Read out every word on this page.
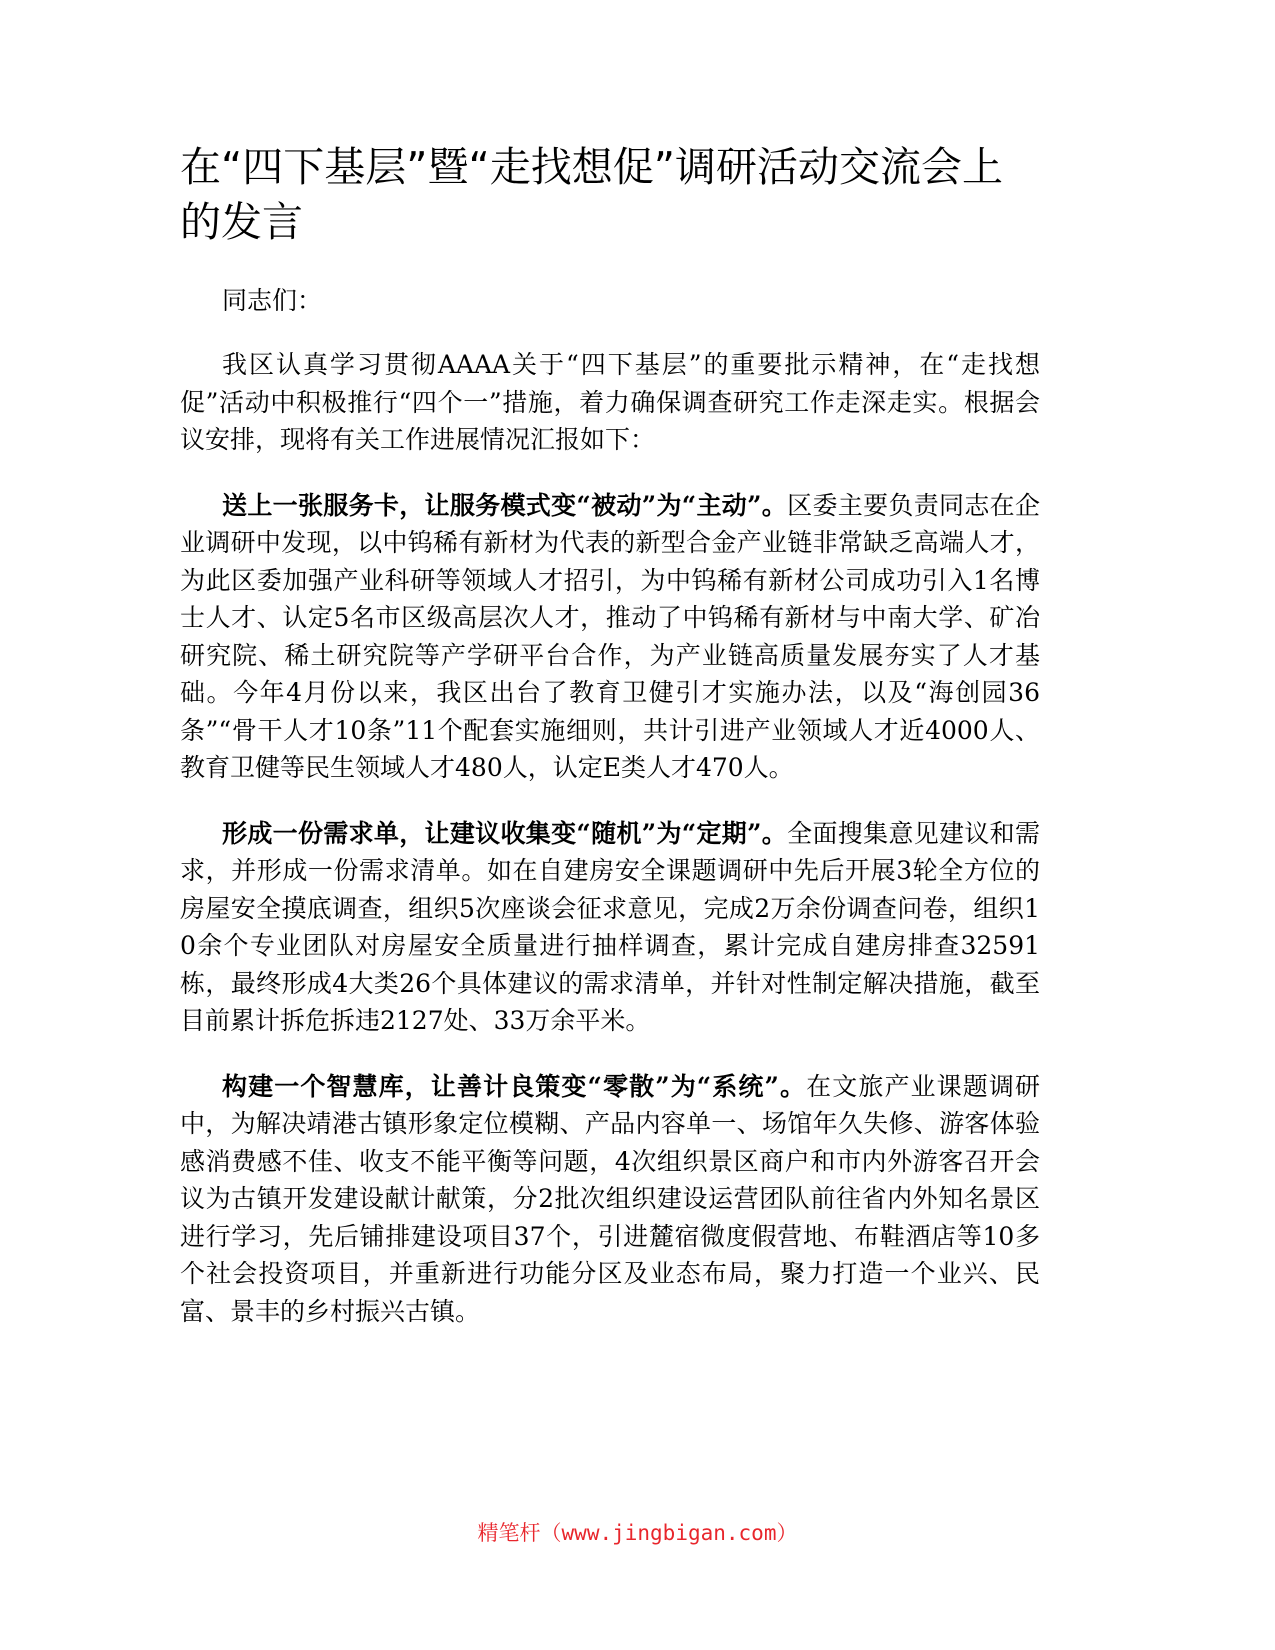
在“四下基层”暨“走找想促”调研活动交流会上的发言
同志们：

我区认真学习贯彻AAAA关于“四下基层”的重要批示精神，在“走找想促”活动中积极推行“四个一”措施，着力确保调查研究工作走深走实。根据会议安排，现将有关工作进展情况汇报如下：

送上一张服务卡，让服务模式变“被动”为“主动”。区委主要负责同志在企业调研中发现，以中钨稀有新材为代表的新型合金产业链非常缺乏高端人才，为此区委加强产业科研等领域人才招引，为中钨稀有新材公司成功引入1名博士人才、认定5名市区级高层次人才，推动了中钨稀有新材与中南大学、矿冶研究院、稀土研究院等产学研平台合作，为产业链高质量发展夯实了人才基础。今年4月份以来，我区出台了教育卫健引才实施办法，以及“海创园36条”“骨干人才10条”11个配套实施细则，共计引进产业领域人才近4000人、教育卫健等民生领域人才480人，认定E类人才470人。

形成一份需求单，让建议收集变“随机”为“定期”。全面搜集意见建议和需求，并形成一份需求清单。如在自建房安全课题调研中先后开展3轮全方位的房屋安全摸底调查，组织5次座谈会征求意见，完成2万余份调查问卷，组织10余个专业团队对房屋安全质量进行抽样调查，累计完成自建房排查32591栋，最终形成4大类26个具体建议的需求清单，并针对性制定解决措施，截至目前累计拆危拆违2127处、33万余平米。

构建一个智慧库，让善计良策变“零散”为“系统”。在文旅产业课题调研中，为解决靖港古镇形象定位模糊、产品内容单一、场馆年久失修、游客体验感消费感不佳、收支不能平衡等问题，4次组织景区商户和市内外游客召开会议为古镇开发建设献计献策，分2批次组织建设运营团队前往省内外知名景区进行学习，先后铺排建设项目37个，引进麓宿微度假营地、布鞋酒店等10多个社会投资项目，并重新进行功能分区及业态布局，聚力打造一个业兴、民富、景丰的乡村振兴古镇。

精笔杆（www.jingbigan.com）
